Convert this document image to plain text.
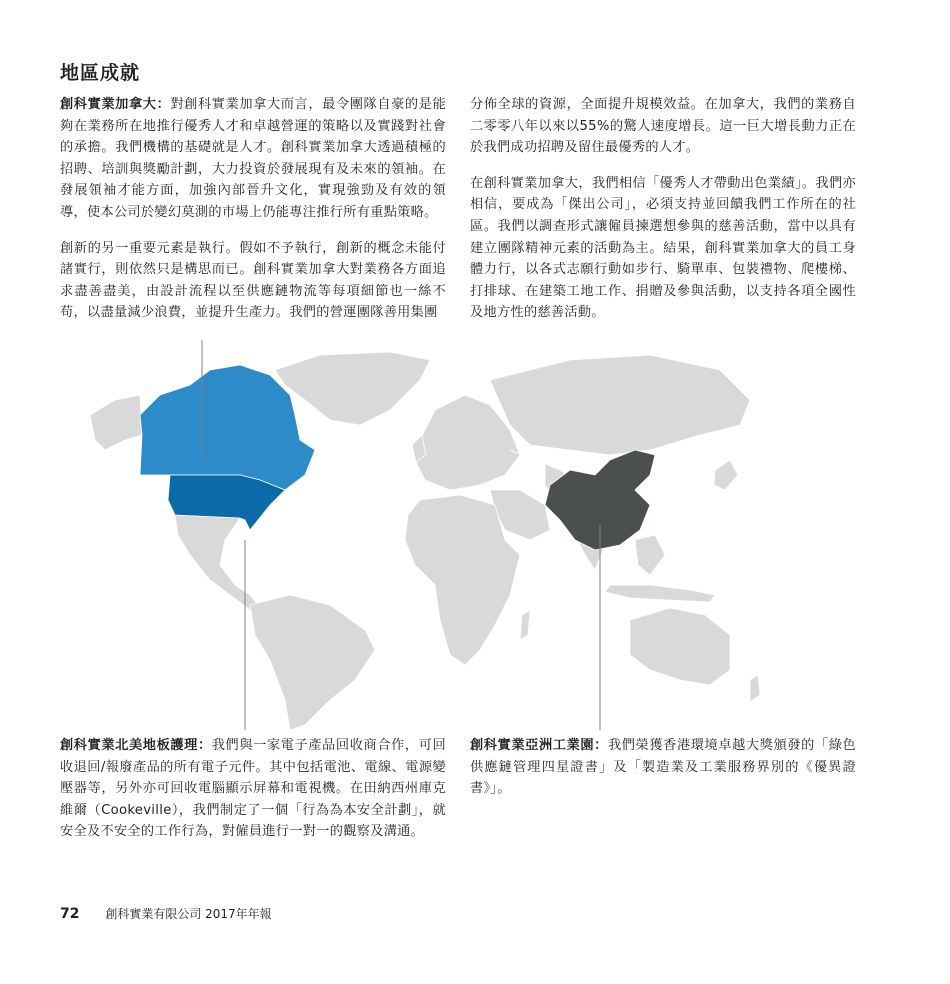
地區成就

創科實業加拿大：對創科實業加拿大而言，最令團隊自豪的是能夠在業務所在地推行優秀人才和卓越營運的策略以及實踐對社會的承擔。我們機構的基礎就是人才。創科實業加拿大透過積極的招聘、培訓與獎勵計劃，大力投資於發展現有及未來的領袖。在發展領袖才能方面，加強內部晉升文化，實現強勁及有效的領導，使本公司於變幻莫測的市場上仍能專注推行所有重點策略。

創新的另一重要元素是執行。假如不予執行，創新的概念未能付諸實行，則依然只是構思而已。創科實業加拿大對業務各方面追求盡善盡美，由設計流程以至供應鏈物流等每項細節也一絲不苟，以盡量減少浪費，並提升生產力。我們的營運團隊善用集團

分佈全球的資源，全面提升規模效益。在加拿大，我們的業務自二零零八年以來以55%的驚人速度增長。這一巨大增長動力正在於我們成功招聘及留住最優秀的人才。

在創科實業加拿大，我們相信「優秀人才帶動出色業績」。我們亦相信，要成為「傑出公司」，必須支持並回饋我們工作所在的社區。我們以調查形式讓僱員揀選想參與的慈善活動，當中以具有建立團隊精神元素的活動為主。結果，創科實業加拿大的員工身體力行，以各式志願行動如步行、騎單車、包裝禮物、爬樓梯、打排球、在建築工地工作、捐贈及參與活動，以支持各項全國性及地方性的慈善活動。

創科實業北美地板護理：我們與一家電子產品回收商合作，可回收退回/報廢產品的所有電子元件。其中包括電池、電線、電源變壓器等，另外亦可回收電腦顯示屏幕和電視機。在田納西州庫克維爾（Cookeville），我們制定了一個「行為為本安全計劃」，就安全及不安全的工作行為，對僱員進行一對一的觀察及溝通。

創科實業亞洲工業園：我們榮獲香港環境卓越大獎頒發的「綠色供應鏈管理四星證書」及「製造業及工業服務界別的《優異證書》」。

72 創科實業有限公司 2017年年報
